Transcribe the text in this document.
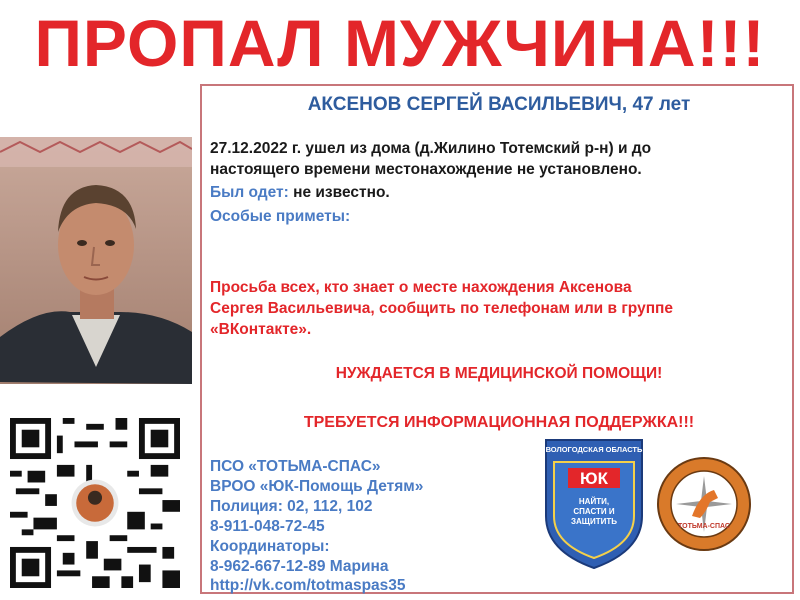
ПРОПАЛ МУЖЧИНА!!!
АКСЕНОВ СЕРГЕЙ ВАСИЛЬЕВИЧ, 47 лет
27.12.2022 г. ушел из дома (д.Жилино Тотемский р-н) и до
настоящего времени местонахождение не установлено.
Был одет: не известно.
Особые приметы:
Просьба всех, кто знает о месте нахождения Аксенова
Сергея Васильевича, сообщить по телефонам или в группе
«ВКонтакте».
НУЖДАЕТСЯ В МЕДИЦИНСКОЙ ПОМОЩИ!
ТРЕБУЕТСЯ ИНФОРМАЦИОННАЯ ПОДДЕРЖКА!!!
ПСО «ТОТЬМА-СПАС»
ВРОО «ЮК-Помощь Детям»
Полиция: 02, 112, 102
8-911-048-72-45
Координаторы:
8-962-667-12-89 Марина
http://vk.com/totmaspas35
ВОЛОГОДСКАЯ ОБЛАСТЬ
ЮК
НАЙТИ,
СПАСТИ И
ЗАЩИТИТЬ
ТОТЬМА-СПАС
